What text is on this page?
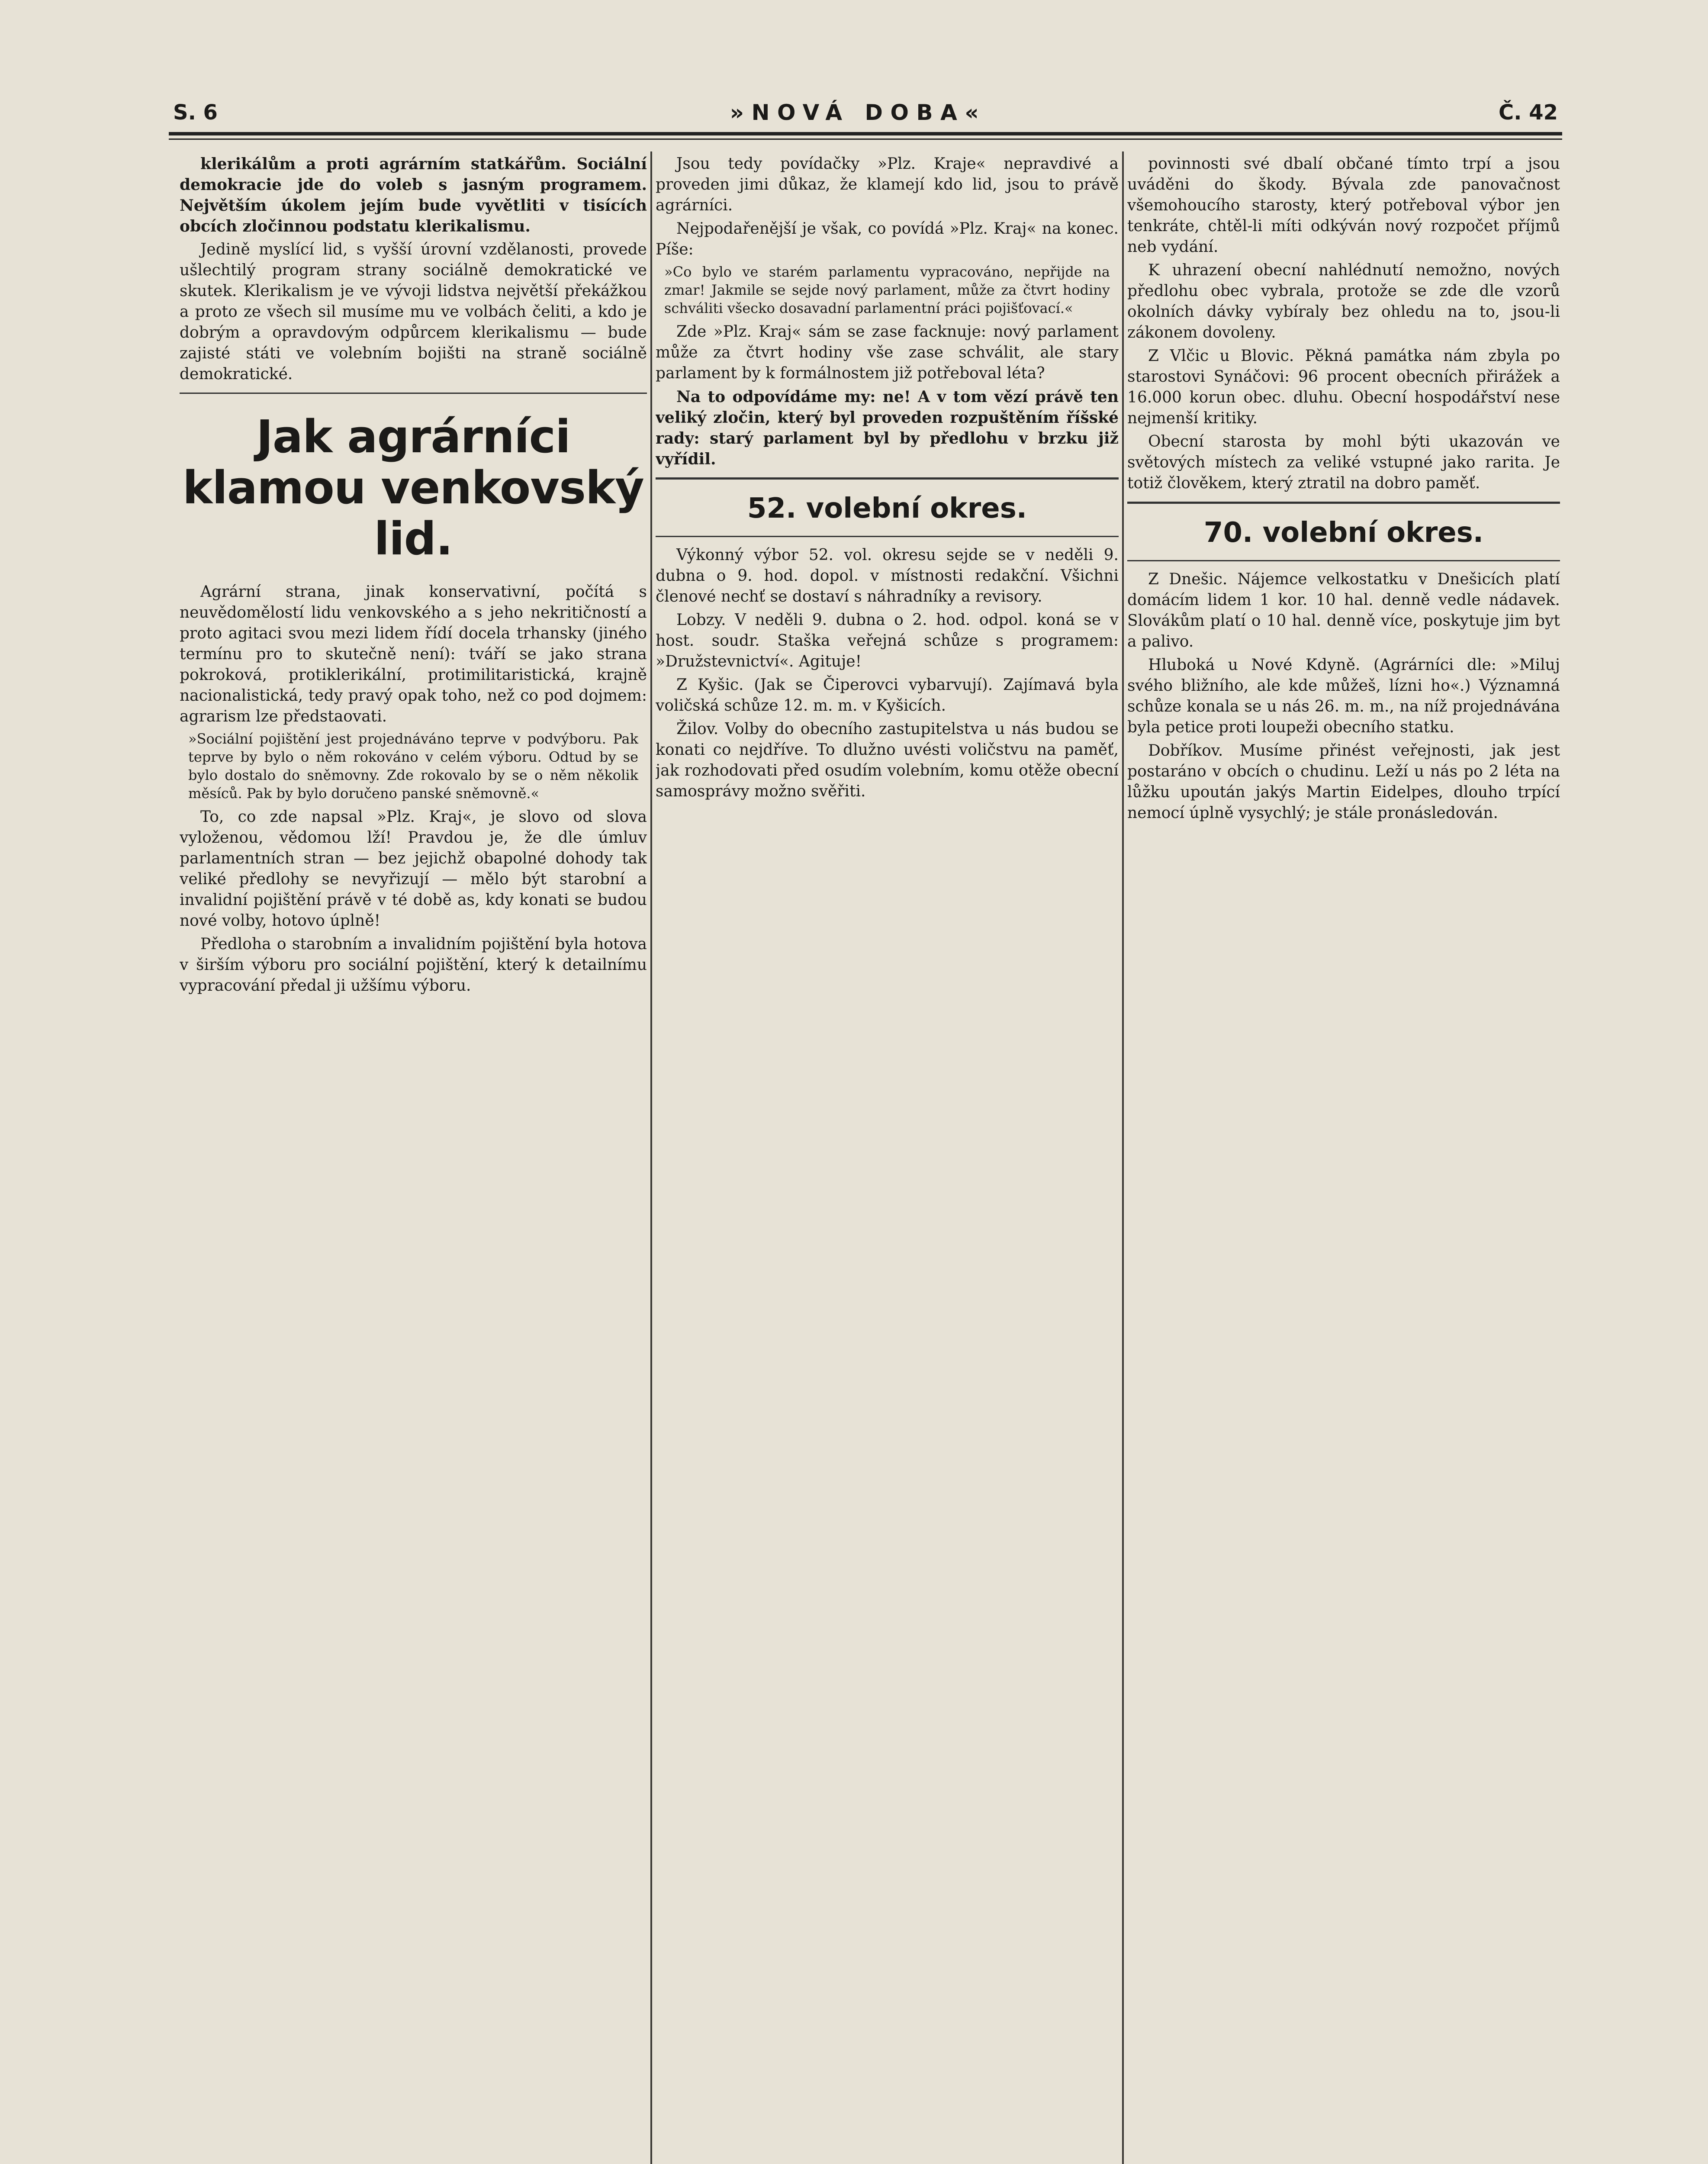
S. 6	»NOVÁ DOBA«	Č. 42

klerikálům a proti agrárním statkářům. Sociální demokracie jde do voleb s jasným programem. Největším úkolem jejím bude vyvětliti v tisících obcích zločinnou podstatu klerikalismu.

Jedině myslící lid, s vyšší úrovní vzdělanosti, provede ušlechtilý program strany sociálně demokratické ve skutek. Klerikalism je ve vývoji lidstva největší překážkou a proto ze všech sil musíme mu ve volbách čeliti, a kdo je dobrým a opravdovým odpůrcem klerikalismu — bude zajisté státi ve volebním bojišti na straně sociálně demokratické.

Jak agrárníci klamou venkovský lid.

Agrární strana, jinak konservativní, počítá s neuvědomělostí lidu venkovského a s jeho nekritičností a proto agitaci svou mezi lidem řídí docela trhansky (jiného termínu pro to skutečně není): tváří se jako strana pokroková, protiklerikální, protimilitaristická, krajně nacionalistická, tedy pravý opak toho, než co pod dojmem: agrarism lze předstaovati.

»Sociální pojištění jest projednáváno teprve v podvýboru. Pak teprve by bylo o něm rokováno v celém výboru. Odtud by se bylo dostalo do sněmovny. Zde rokovalo by se o něm několik měsíců. Pak by bylo doručeno panské sněmovně.«

To, co zde napsal »Plz. Kraj«, je slovo od slova vyloženou, vědomou lží! Pravdou je, že dle úmluv parlamentních stran — bez jejichž obapolné dohody tak veliké předlohy se nevyřizují — mělo být starobní a invalidní pojištění právě v té době as, kdy konati se budou nové volby, hotovo úplně!

Předloha o starobním a invalidním pojištění byla hotova v širším výboru pro sociální pojištění, který k detailnímu vypracování předal ji užšímu výboru.

Jsou tedy povídačky »Plz. Kraje« nepravdivé a proveden jimi důkaz, že klamejí kdo lid, jsou to právě agrárníci.

Nejpodařenější je však, co povídá »Plz. Kraj« na konec. Píše:

»Co bylo ve starém parlamentu vypracováno, nepřijde na zmar! Jakmile se sejde nový parlament, může za čtvrt hodiny schváliti všecko dosavadní parlamentní práci pojišťovací.«

Zde »Plz. Kraj« sám se zase facknuje: nový parlament může za čtvrt hodiny vše zase schválit, ale stary parlament by k formálnostem již potřeboval léta?

Na to odpovídáme my: ne! A v tom vězí právě ten veliký zločin, který byl proveden rozpuštěním říšské rady: starý parlament byl by předlohu v brzku již vyřídil.

52. volební okres.

Výkonný výbor 52. vol. okresu sejde se v neděli 9. dubna o 9. hod. dopol. v místnosti redakční. Všichni členové nechť se dostaví s náhradníky a revisory.

Lobzy. V neděli 9. dubna o 2. hod. odpol. koná se v host. soudr. Staška veřejná schůze s programem: »Družstevnictví«. Agituje!

Z Kyšic. (Jak se Čiperovci vybarvují). Zajímavá byla voličská schůze 12. m. m. v Kyšicích.

Žilov. Volby do obecního zastupitelstva u nás budou se konati co nejdříve. To dlužno uvésti voličstvu na paměť, jak rozhodovati před osudím volebním, komu otěže obecní samosprávy možno svěřiti.

povinnosti své dbalí občané tímto trpí a jsou uváděni do škody. Bývala zde panovačnost všemohoucího starosty, který potřeboval výbor jen tenkráte, chtěl-li míti odkýván nový rozpočet příjmů neb vydání.

K uhrazení obecní nahlédnutí nemožno, nových předlohu obec vybrala, protože se zde dle vzorů okolních dávky vybíraly bez ohledu na to, jsou-li zákonem dovoleny.

Z Vlčic u Blovic. Pěkná památka nám zbyla po starostovi Synáčovi: 96 procent obecních přirážek a 16.000 korun obec. dluhu. Obecní hospodářství nese nejmenší kritiky.

Obecní starosta by mohl býti ukazován ve světových místech za veliké vstupné jako rarita. Je totiž člověkem, který ztratil na dobro paměť.

70. volební okres.

Z Dnešic. Nájemce velkostatku v Dnešicích platí domácím lidem 1 kor. 10 hal. denně vedle nádavek. Slovákům platí o 10 hal. denně více, poskytuje jim byt a palivo.

Hluboká u Nové Kdyně. (Agrárníci dle: »Miluj svého bližního, ale kde můžeš, lízni ho«.) Významná schůze konala se u nás 26. m. m., na níž projednávána byla petice proti loupeži obecního statku.

Dobříkov. Musíme přinést veřejnosti, jak jest postaráno v obcích o chudinu. Leží u nás po 2 léta na lůžku upoután jakýs Martin Eidelpes, dlouho trpící nemocí úplně vysychlý; je stále pronásledován.
